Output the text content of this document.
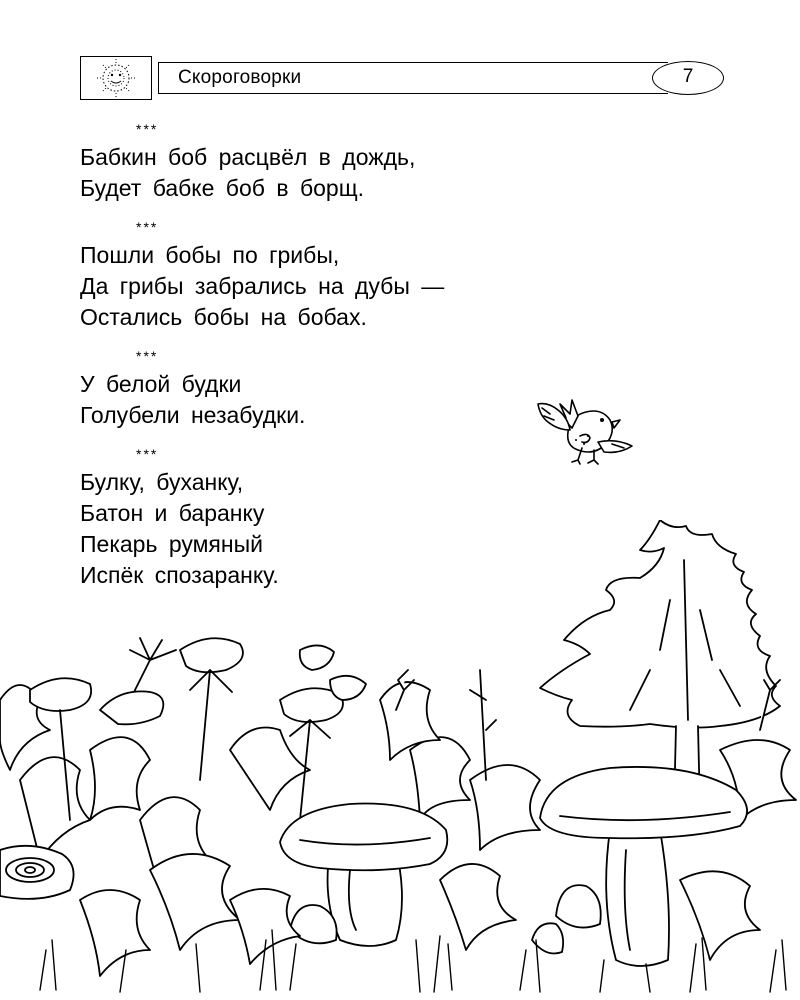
Скороговорки	7
***
Бабкин боб расцвёл в дождь,
Будет бабке боб в борщ.
***
Пошли бобы по грибы,
Да грибы забрались на дубы —
Остались бобы на бобах.
***
У белой будки
Голубели незабудки.
***
Булку, буханку,
Батон и баранку
Пекарь румяный
Испёк спозаранку.
